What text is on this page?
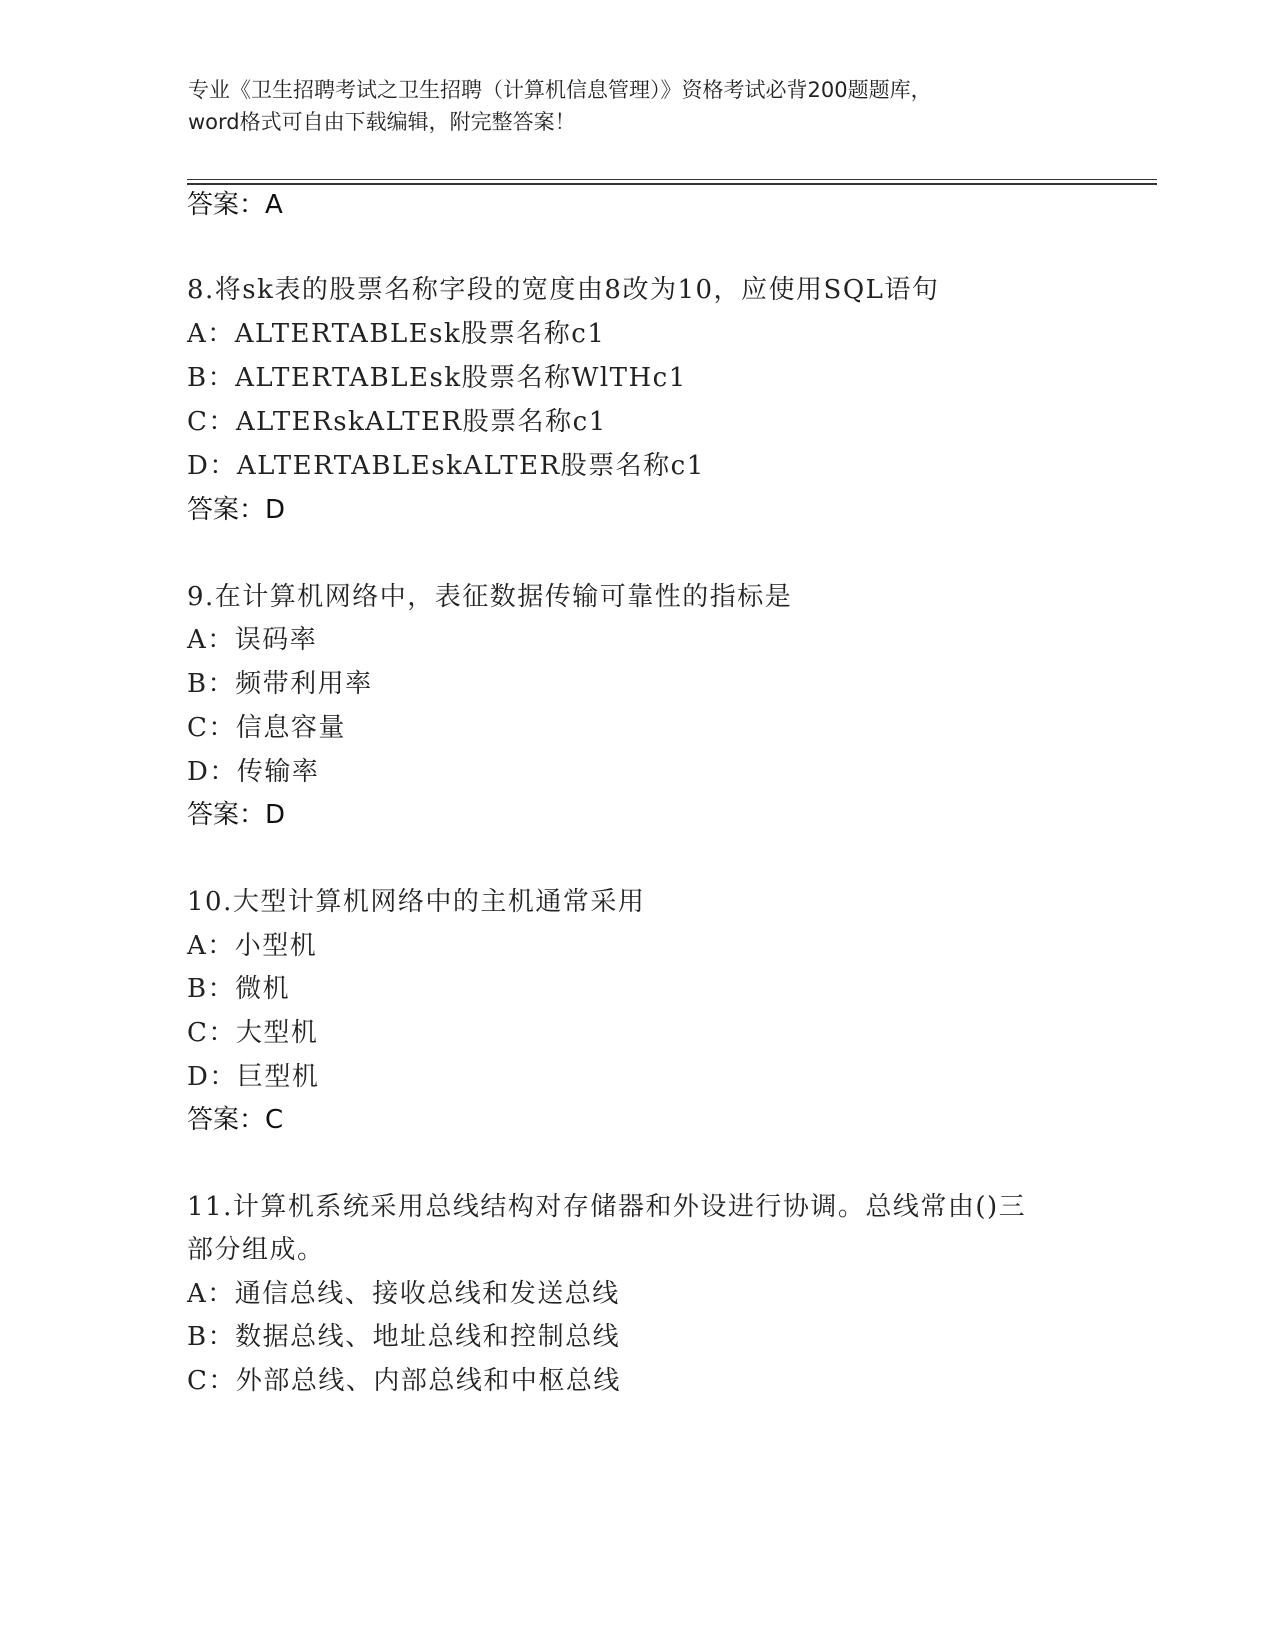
专业《卫生招聘考试之卫生招聘（计算机信息管理）》资格考试必背200题题库，
word格式可自由下载编辑，附完整答案！
答案：A
8.将sk表的股票名称字段的宽度由8改为10，应使用SQL语句
A：ALTERTABLEsk股票名称c1
B：ALTERTABLEsk股票名称WlTHc1
C：ALTERskALTER股票名称c1
D：ALTERTABLEskALTER股票名称c1
答案：D
9.在计算机网络中，表征数据传输可靠性的指标是
A：误码率
B：频带利用率
C：信息容量
D：传输率
答案：D
10.大型计算机网络中的主机通常采用
A：小型机
B：微机
C：大型机
D：巨型机
答案：C
11.计算机系统采用总线结构对存储器和外设进行协调。总线常由()三
部分组成。
A：通信总线、接收总线和发送总线
B：数据总线、地址总线和控制总线
C：外部总线、内部总线和中枢总线
